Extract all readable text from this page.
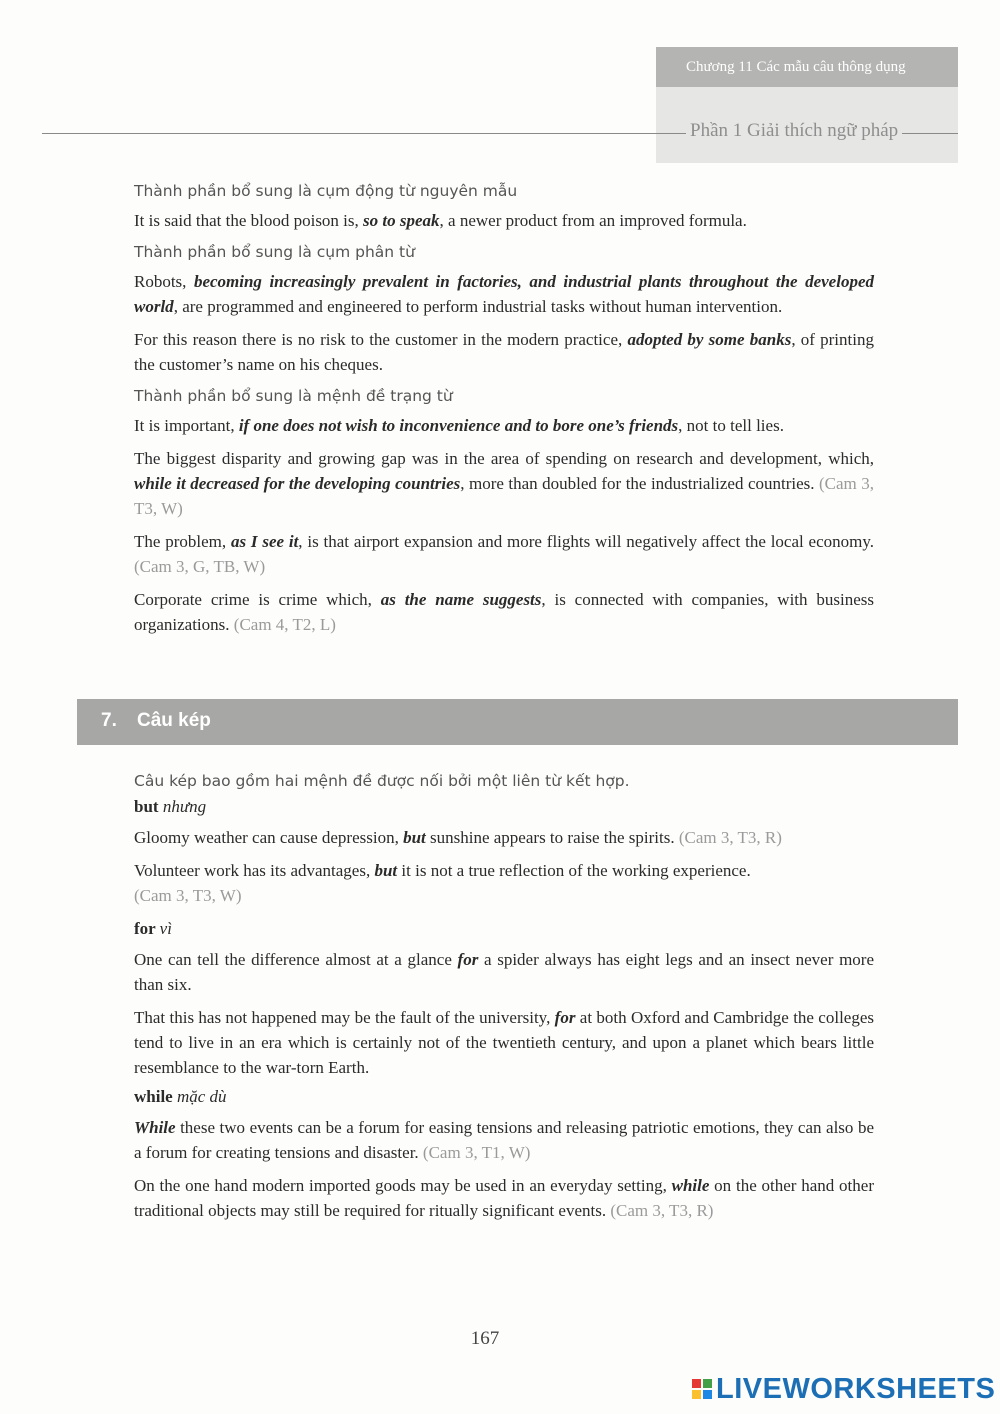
Chương 11 Các mẫu câu thông dụng
Phần 1 Giải thích ngữ pháp
Thành phần bổ sung là cụm động từ nguyên mẫu
It is said that the blood poison is, so to speak, a newer product from an improved formula.
Thành phần bổ sung là cụm phân từ
Robots, becoming increasingly prevalent in factories, and industrial plants throughout the developed world, are programmed and engineered to perform industrial tasks without human intervention.
For this reason there is no risk to the customer in the modern practice, adopted by some banks, of printing the customer’s name on his cheques.
Thành phần bổ sung là mệnh đề trạng từ
It is important, if one does not wish to inconvenience and to bore one’s friends, not to tell lies.
The biggest disparity and growing gap was in the area of spending on research and development, which, while it decreased for the developing countries, more than doubled for the industrialized countries. (Cam 3, T3, W)
The problem, as I see it, is that airport expansion and more flights will negatively affect the local economy. (Cam 3, G, TB, W)
Corporate crime is crime which, as the name suggests, is connected with companies, with business organizations. (Cam 4, T2, L)
7. Câu kép
Câu kép bao gồm hai mệnh đề được nối bởi một liên từ kết hợp.
but nhưng
Gloomy weather can cause depression, but sunshine appears to raise the spirits. (Cam 3, T3, R)
Volunteer work has its advantages, but it is not a true reflection of the working experience.
(Cam 3, T3, W)
for vì
One can tell the difference almost at a glance for a spider always has eight legs and an insect never more than six.
That this has not happened may be the fault of the university, for at both Oxford and Cambridge the colleges tend to live in an era which is certainly not of the twentieth century, and upon a planet which bears little resemblance to the war-torn Earth.
while mặc dù
While these two events can be a forum for easing tensions and releasing patriotic emotions, they can also be a forum for creating tensions and disaster. (Cam 3, T1, W)
On the one hand modern imported goods may be used in an everyday setting, while on the other hand other traditional objects may still be required for ritually significant events. (Cam 3, T3, R)
167
LIVEWORKSHEETS
